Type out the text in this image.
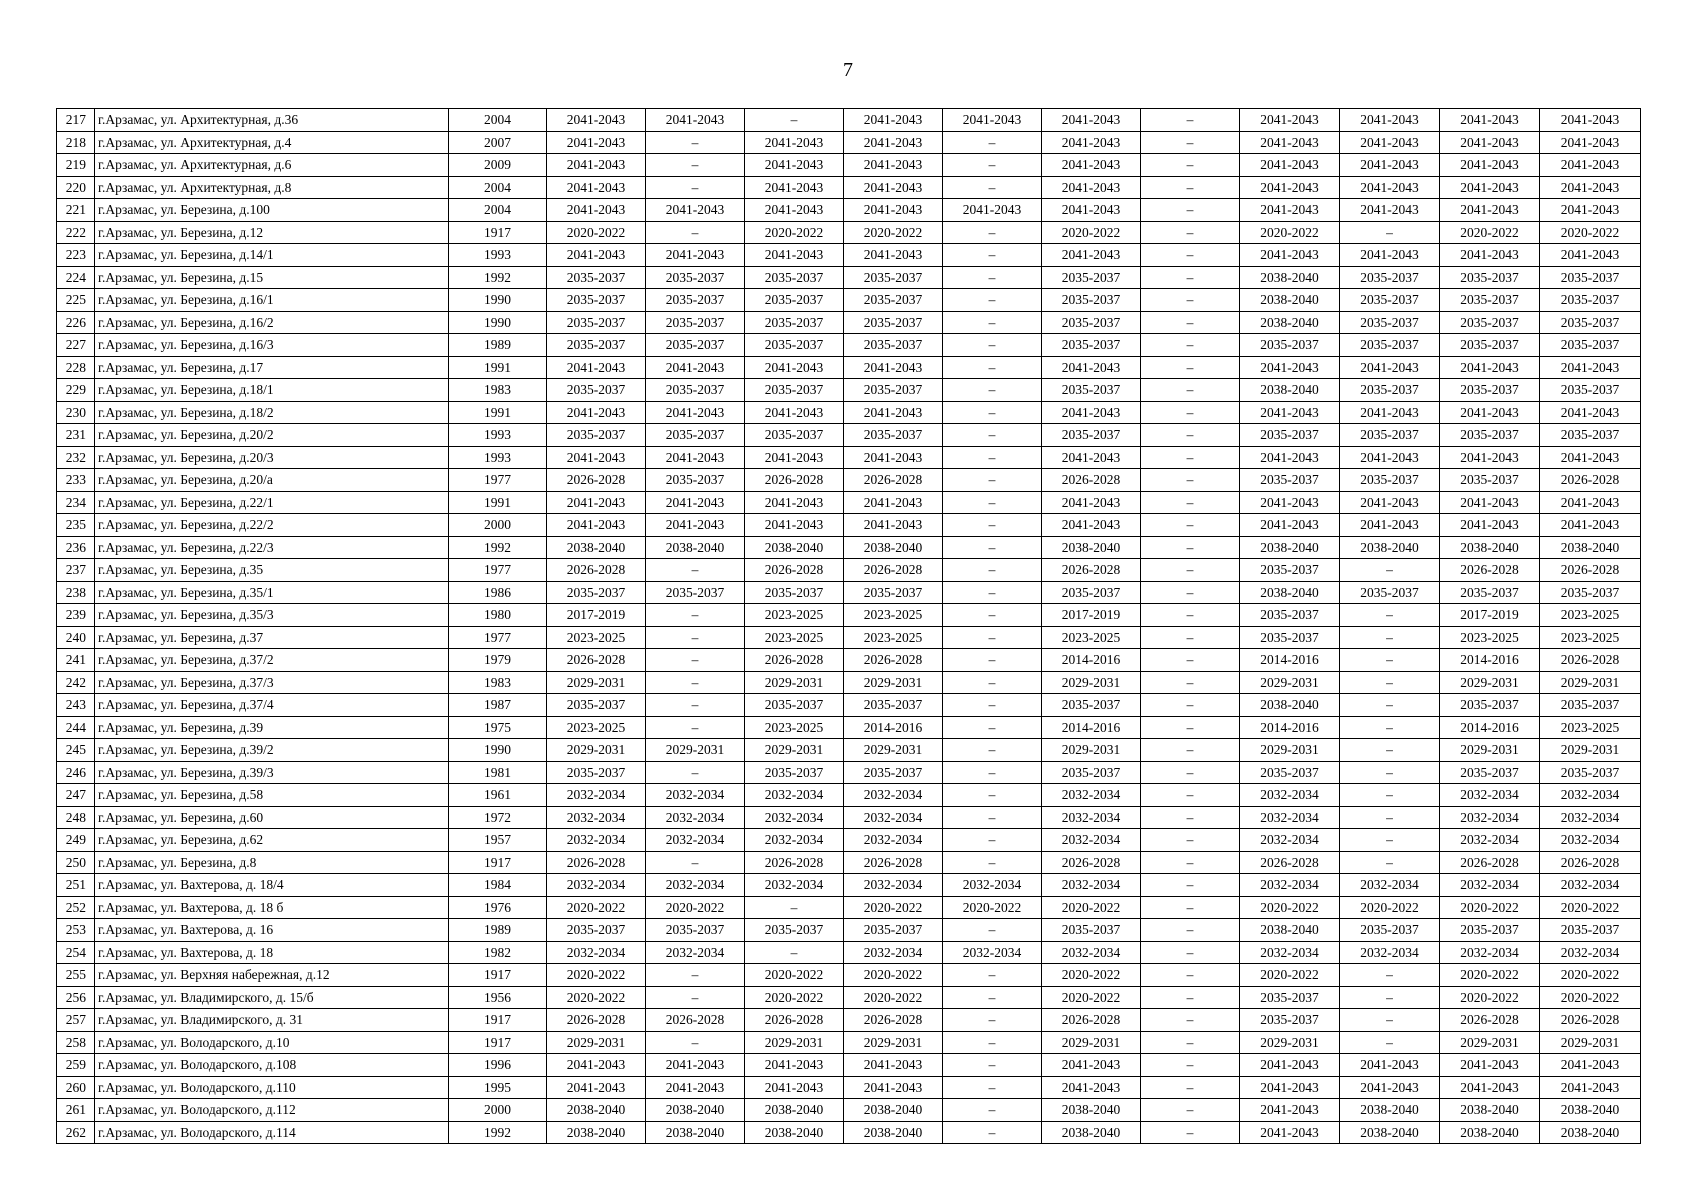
7
217	г.Арзамас, ул. Архитектурная, д.36	2004	2041-2043	2041-2043	–	2041-2043	2041-2043	2041-2043	–	2041-2043	2041-2043	2041-2043	2041-2043
218	г.Арзамас, ул. Архитектурная, д.4	2007	2041-2043	–	2041-2043	2041-2043	–	2041-2043	–	2041-2043	2041-2043	2041-2043	2041-2043
219	г.Арзамас, ул. Архитектурная, д.6	2009	2041-2043	–	2041-2043	2041-2043	–	2041-2043	–	2041-2043	2041-2043	2041-2043	2041-2043
220	г.Арзамас, ул. Архитектурная, д.8	2004	2041-2043	–	2041-2043	2041-2043	–	2041-2043	–	2041-2043	2041-2043	2041-2043	2041-2043
221	г.Арзамас, ул. Березина, д.100	2004	2041-2043	2041-2043	2041-2043	2041-2043	2041-2043	2041-2043	–	2041-2043	2041-2043	2041-2043	2041-2043
222	г.Арзамас, ул. Березина, д.12	1917	2020-2022	–	2020-2022	2020-2022	–	2020-2022	–	2020-2022	–	2020-2022	2020-2022
223	г.Арзамас, ул. Березина, д.14/1	1993	2041-2043	2041-2043	2041-2043	2041-2043	–	2041-2043	–	2041-2043	2041-2043	2041-2043	2041-2043
224	г.Арзамас, ул. Березина, д.15	1992	2035-2037	2035-2037	2035-2037	2035-2037	–	2035-2037	–	2038-2040	2035-2037	2035-2037	2035-2037
225	г.Арзамас, ул. Березина, д.16/1	1990	2035-2037	2035-2037	2035-2037	2035-2037	–	2035-2037	–	2038-2040	2035-2037	2035-2037	2035-2037
226	г.Арзамас, ул. Березина, д.16/2	1990	2035-2037	2035-2037	2035-2037	2035-2037	–	2035-2037	–	2038-2040	2035-2037	2035-2037	2035-2037
227	г.Арзамас, ул. Березина, д.16/3	1989	2035-2037	2035-2037	2035-2037	2035-2037	–	2035-2037	–	2035-2037	2035-2037	2035-2037	2035-2037
228	г.Арзамас, ул. Березина, д.17	1991	2041-2043	2041-2043	2041-2043	2041-2043	–	2041-2043	–	2041-2043	2041-2043	2041-2043	2041-2043
229	г.Арзамас, ул. Березина, д.18/1	1983	2035-2037	2035-2037	2035-2037	2035-2037	–	2035-2037	–	2038-2040	2035-2037	2035-2037	2035-2037
230	г.Арзамас, ул. Березина, д.18/2	1991	2041-2043	2041-2043	2041-2043	2041-2043	–	2041-2043	–	2041-2043	2041-2043	2041-2043	2041-2043
231	г.Арзамас, ул. Березина, д.20/2	1993	2035-2037	2035-2037	2035-2037	2035-2037	–	2035-2037	–	2035-2037	2035-2037	2035-2037	2035-2037
232	г.Арзамас, ул. Березина, д.20/3	1993	2041-2043	2041-2043	2041-2043	2041-2043	–	2041-2043	–	2041-2043	2041-2043	2041-2043	2041-2043
233	г.Арзамас, ул. Березина, д.20/а	1977	2026-2028	2035-2037	2026-2028	2026-2028	–	2026-2028	–	2035-2037	2035-2037	2035-2037	2026-2028
234	г.Арзамас, ул. Березина, д.22/1	1991	2041-2043	2041-2043	2041-2043	2041-2043	–	2041-2043	–	2041-2043	2041-2043	2041-2043	2041-2043
235	г.Арзамас, ул. Березина, д.22/2	2000	2041-2043	2041-2043	2041-2043	2041-2043	–	2041-2043	–	2041-2043	2041-2043	2041-2043	2041-2043
236	г.Арзамас, ул. Березина, д.22/3	1992	2038-2040	2038-2040	2038-2040	2038-2040	–	2038-2040	–	2038-2040	2038-2040	2038-2040	2038-2040
237	г.Арзамас, ул. Березина, д.35	1977	2026-2028	–	2026-2028	2026-2028	–	2026-2028	–	2035-2037	–	2026-2028	2026-2028
238	г.Арзамас, ул. Березина, д.35/1	1986	2035-2037	2035-2037	2035-2037	2035-2037	–	2035-2037	–	2038-2040	2035-2037	2035-2037	2035-2037
239	г.Арзамас, ул. Березина, д.35/3	1980	2017-2019	–	2023-2025	2023-2025	–	2017-2019	–	2035-2037	–	2017-2019	2023-2025
240	г.Арзамас, ул. Березина, д.37	1977	2023-2025	–	2023-2025	2023-2025	–	2023-2025	–	2035-2037	–	2023-2025	2023-2025
241	г.Арзамас, ул. Березина, д.37/2	1979	2026-2028	–	2026-2028	2026-2028	–	2014-2016	–	2014-2016	–	2014-2016	2026-2028
242	г.Арзамас, ул. Березина, д.37/3	1983	2029-2031	–	2029-2031	2029-2031	–	2029-2031	–	2029-2031	–	2029-2031	2029-2031
243	г.Арзамас, ул. Березина, д.37/4	1987	2035-2037	–	2035-2037	2035-2037	–	2035-2037	–	2038-2040	–	2035-2037	2035-2037
244	г.Арзамас, ул. Березина, д.39	1975	2023-2025	–	2023-2025	2014-2016	–	2014-2016	–	2014-2016	–	2014-2016	2023-2025
245	г.Арзамас, ул. Березина, д.39/2	1990	2029-2031	2029-2031	2029-2031	2029-2031	–	2029-2031	–	2029-2031	–	2029-2031	2029-2031
246	г.Арзамас, ул. Березина, д.39/3	1981	2035-2037	–	2035-2037	2035-2037	–	2035-2037	–	2035-2037	–	2035-2037	2035-2037
247	г.Арзамас, ул. Березина, д.58	1961	2032-2034	2032-2034	2032-2034	2032-2034	–	2032-2034	–	2032-2034	–	2032-2034	2032-2034
248	г.Арзамас, ул. Березина, д.60	1972	2032-2034	2032-2034	2032-2034	2032-2034	–	2032-2034	–	2032-2034	–	2032-2034	2032-2034
249	г.Арзамас, ул. Березина, д.62	1957	2032-2034	2032-2034	2032-2034	2032-2034	–	2032-2034	–	2032-2034	–	2032-2034	2032-2034
250	г.Арзамас, ул. Березина, д.8	1917	2026-2028	–	2026-2028	2026-2028	–	2026-2028	–	2026-2028	–	2026-2028	2026-2028
251	г.Арзамас, ул. Вахтерова, д. 18/4	1984	2032-2034	2032-2034	2032-2034	2032-2034	2032-2034	2032-2034	–	2032-2034	2032-2034	2032-2034	2032-2034
252	г.Арзамас, ул. Вахтерова, д. 18 б	1976	2020-2022	2020-2022	–	2020-2022	2020-2022	2020-2022	–	2020-2022	2020-2022	2020-2022	2020-2022
253	г.Арзамас, ул. Вахтерова, д. 16	1989	2035-2037	2035-2037	2035-2037	2035-2037	–	2035-2037	–	2038-2040	2035-2037	2035-2037	2035-2037
254	г.Арзамас, ул. Вахтерова, д. 18	1982	2032-2034	2032-2034	–	2032-2034	2032-2034	2032-2034	–	2032-2034	2032-2034	2032-2034	2032-2034
255	г.Арзамас, ул. Верхняя набережная, д.12	1917	2020-2022	–	2020-2022	2020-2022	–	2020-2022	–	2020-2022	–	2020-2022	2020-2022
256	г.Арзамас, ул. Владимирского, д. 15/б	1956	2020-2022	–	2020-2022	2020-2022	–	2020-2022	–	2035-2037	–	2020-2022	2020-2022
257	г.Арзамас, ул. Владимирского, д. 31	1917	2026-2028	2026-2028	2026-2028	2026-2028	–	2026-2028	–	2035-2037	–	2026-2028	2026-2028
258	г.Арзамас, ул. Володарского, д.10	1917	2029-2031	–	2029-2031	2029-2031	–	2029-2031	–	2029-2031	–	2029-2031	2029-2031
259	г.Арзамас, ул. Володарского, д.108	1996	2041-2043	2041-2043	2041-2043	2041-2043	–	2041-2043	–	2041-2043	2041-2043	2041-2043	2041-2043
260	г.Арзамас, ул. Володарского, д.110	1995	2041-2043	2041-2043	2041-2043	2041-2043	–	2041-2043	–	2041-2043	2041-2043	2041-2043	2041-2043
261	г.Арзамас, ул. Володарского, д.112	2000	2038-2040	2038-2040	2038-2040	2038-2040	–	2038-2040	–	2041-2043	2038-2040	2038-2040	2038-2040
262	г.Арзамас, ул. Володарского, д.114	1992	2038-2040	2038-2040	2038-2040	2038-2040	–	2038-2040	–	2041-2043	2038-2040	2038-2040	2038-2040
